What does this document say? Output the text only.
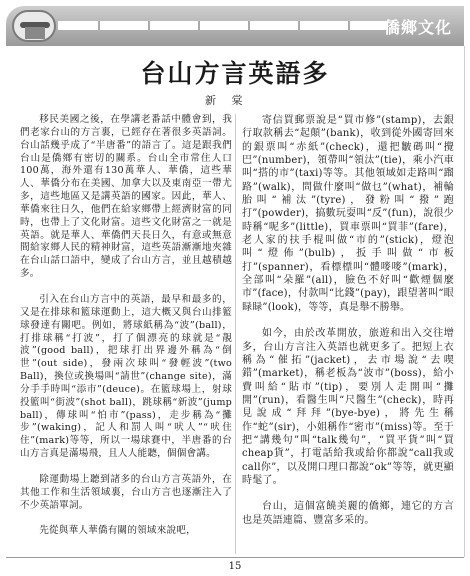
僑鄉文化
台山方言英語多
新 棠

移民美國之後，在學講老番話中體會到，我們老家台山的方言裏，已經存在著很多英語詞。台山話幾乎成了“半唐番”的語言了。這是跟我們台山是僑鄉有密切的關系。台山全市常住人口100萬，海外還有130萬華人、華僑，這些華人、華僑分布在美國、加拿大以及東南亞一帶尤多，這些地區又是講英語的國家。因此，華人、華僑來往日久，他們在給家鄉帶上經濟財富的同時，也帶上了文化財富。這些文化財富之一就是英語。就是華人、華僑們天長日久，有意或無意間給家鄉人民的精神財富，這些英語漸漸地夾雜在台山話口語中，變成了台山方言，並且越積越多。

引入在台山方言中的英語，最早和最多的，又是在排球和籃球運動上，這大概又與台山排籃球發達有關吧。例如，將球紙稱為“波”(ball)，打排球稱“打波”，打了個漂亮的球就是“靚波”(good ball)，把球打出界邊外稱為“倒世”(out side)，發兩次球叫“發輕波”(two Ball)，換位或換場叫“請世”(change site)，滿分手手時叫“添市”(deuce)。在籃球場上，射球投籃叫“街波”(shot ball)，跳球稱“新波”(jump ball)，傳球叫“怕市”(pass)，走步稱為“攤步”(waking)，記人和罰人叫“吠人”“吠住住”(mark)等等，所以一場球賽中，半唐番的台山方言真是滿場飛，且人人能聽，個個會講。

除運動場上聽到諸多的台山方言英語外，在其他工作和生活領域裏，台山方言也逐漸注入了不少英語單詞。

先從與華人華僑有關的領域來說吧，

寄信買郵票說是“買市修”(stamp)，去銀行取款稱去“起顛”(bank)，收到從外國寄回來的銀票叫“赤紙”(check)，還把皺碼叫“攪巴”(number)，領帶叫“領汰”(tie)，乘小汽車叫“搭的市”(taxi)等等。其他領域如走路叫“蹓路”(walk)，問做什麼叫“做乜”(what)，補輪胎叫“補汰”(tyre)，發粉叫“撥”跑打”(powder)，搞數玩耍叫“反”(fun)，說很少時稱“呢多”(little)，買車票叫“買菲”(fare)，老人家的扶手棍叫做“市的”(stick)，燈泡叫“燈佈”(bulb)，扳手叫做“市板打”(spanner)，看標標叫“體嘜嘜”(mark)，全部叫“朵羅”(all)，臉色不好叫“歡煙個麼市”(face)，付款叫“比錢”(pay)，跟望著叫“眼睩睩”(look)，等等，真是舉不勝舉。

如今，由於改革開放，旅遊和出入交往增多，台山方言注入英語也就更多了。把短上衣稱為“催拓”(jacket)，去市場說“去喫錯”(market)，稱老板為“波市”(boss)，給小費叫給“貼市”(tip)，要別人走開叫“攤開”(run)，看醫生叫“尺醫生”(check)，時再見說成“拜拜”(bye-bye)，將先生稱作“蛇”(sir)，小姐稱作“密市”(miss)等。至于把“講幾句”叫“talk幾句”，“買平貨”叫“買cheap貨”，打電話給我或給你都說“call我或call你”，以及開口理口都說“ok”等等，就更顯時髦了。

台山，這個富饒美麗的僑鄉，連它的方言也是英語連篇、豐富多采的。

15
